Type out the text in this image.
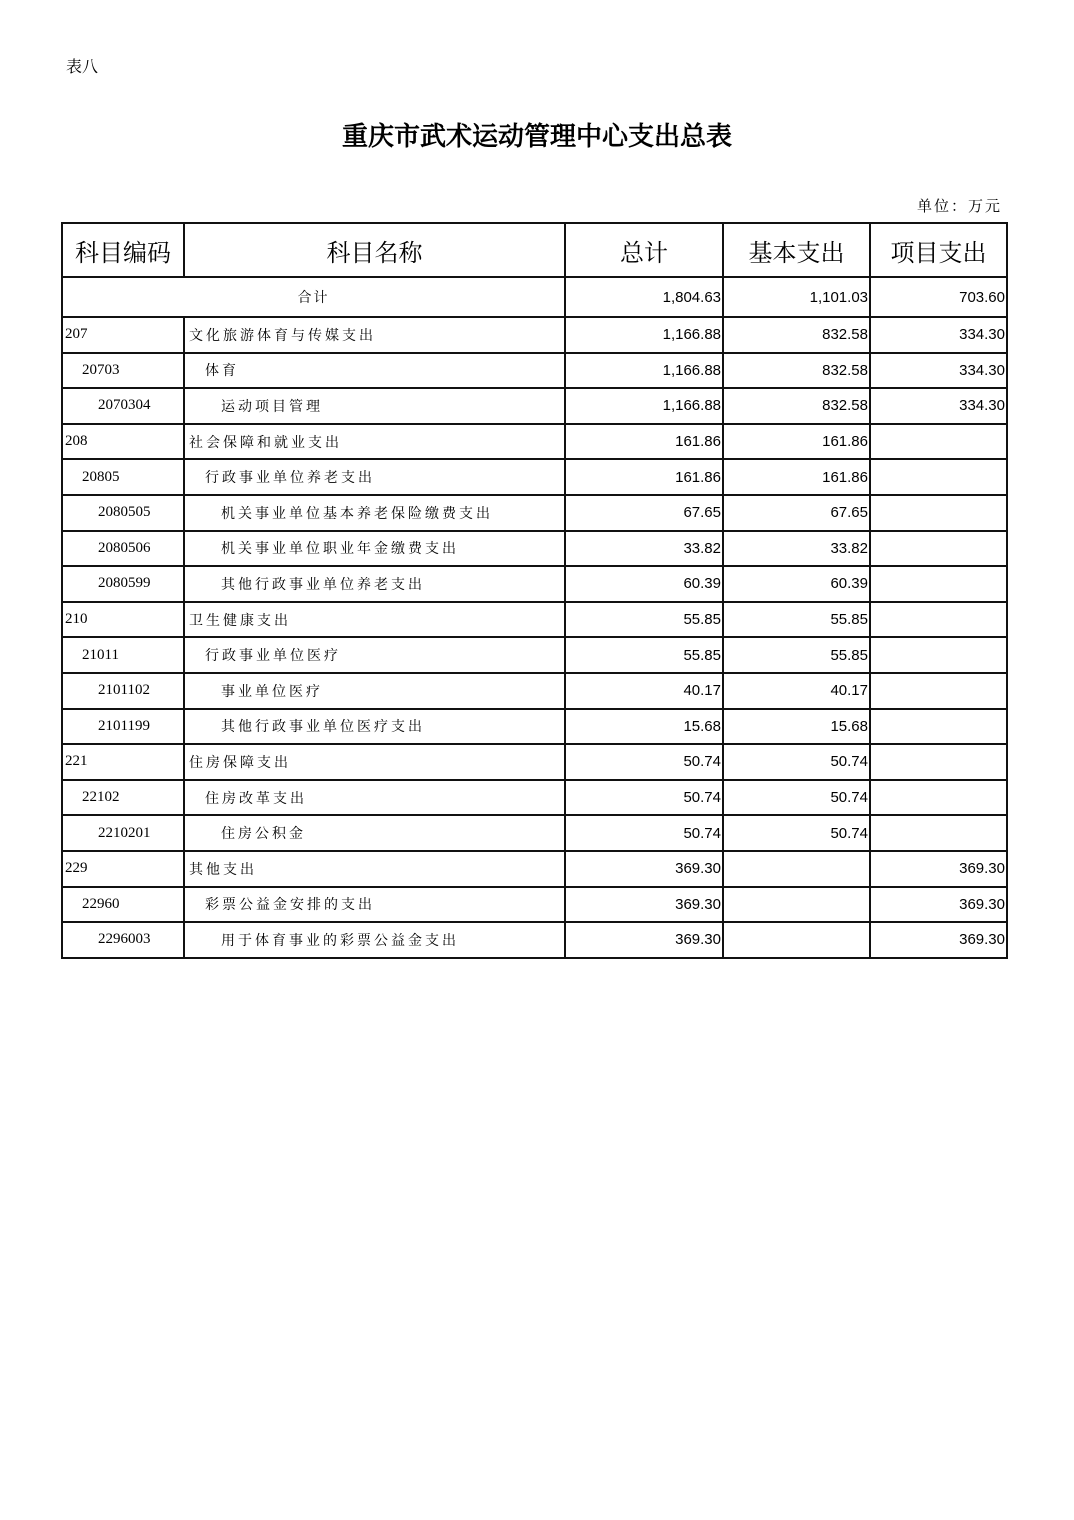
表八
重庆市武术运动管理中心支出总表
单位：万元
科目编码	科目名称	总计	基本支出	项目支出
合计		1,804.63	1,101.03	703.60
207	文化旅游体育与传媒支出	1,166.88	832.58	334.30
20703	体育	1,166.88	832.58	334.30
2070304	运动项目管理	1,166.88	832.58	334.30
208	社会保障和就业支出	161.86	161.86	
20805	行政事业单位养老支出	161.86	161.86	
2080505	机关事业单位基本养老保险缴费支出	67.65	67.65	
2080506	机关事业单位职业年金缴费支出	33.82	33.82	
2080599	其他行政事业单位养老支出	60.39	60.39	
210	卫生健康支出	55.85	55.85	
21011	行政事业单位医疗	55.85	55.85	
2101102	事业单位医疗	40.17	40.17	
2101199	其他行政事业单位医疗支出	15.68	15.68	
221	住房保障支出	50.74	50.74	
22102	住房改革支出	50.74	50.74	
2210201	住房公积金	50.74	50.74	
229	其他支出	369.30		369.30
22960	彩票公益金安排的支出	369.30		369.30
2296003	用于体育事业的彩票公益金支出	369.30		369.30
